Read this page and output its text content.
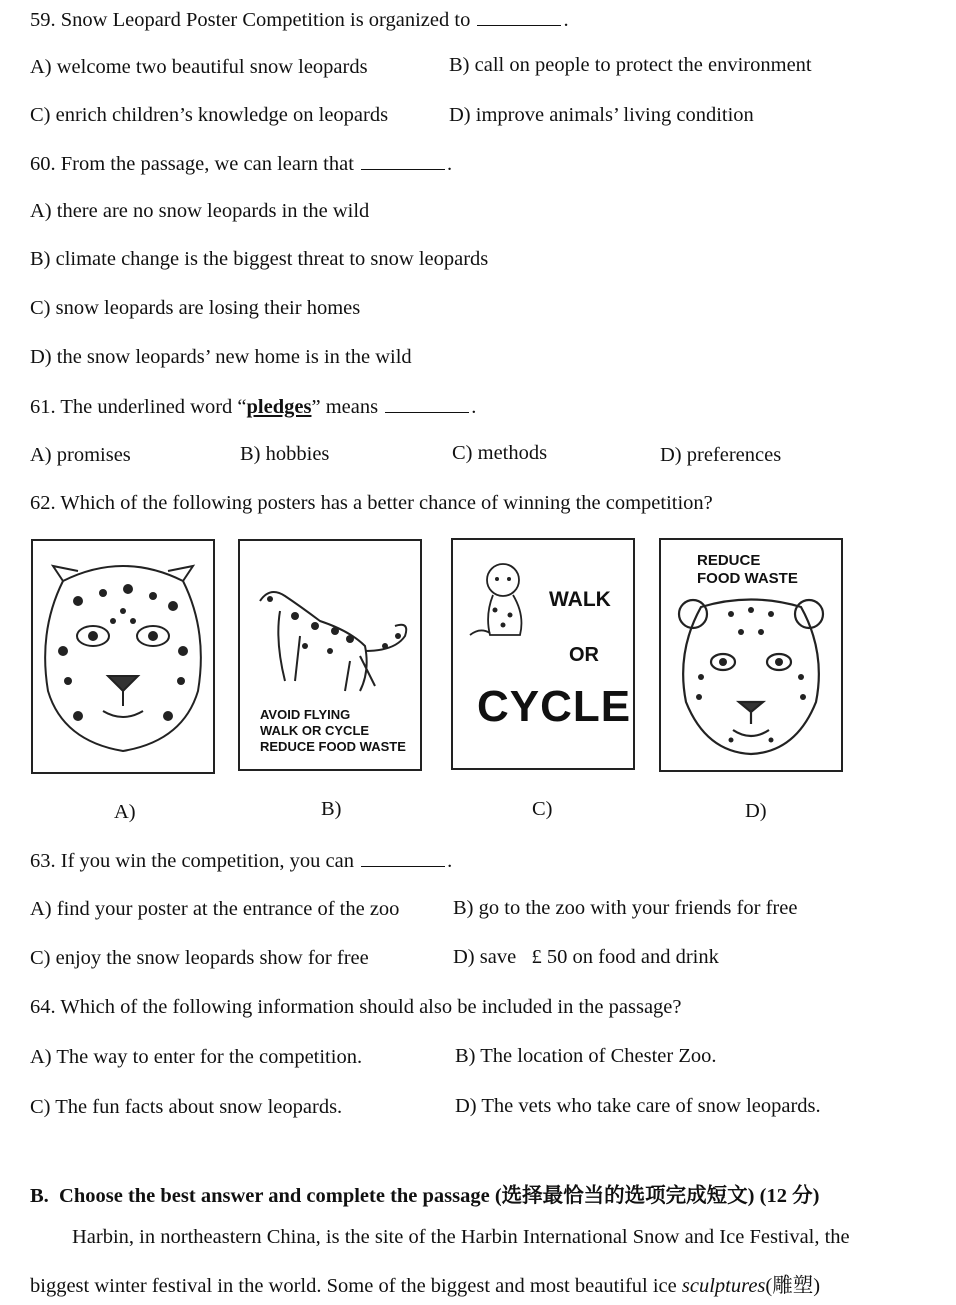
59. Snow Leopard Poster Competition is organized to	.
A) welcome two beautiful snow leopards	B) call on people to protect the environment
C) enrich children’s knowledge on leopards	D) improve animals’ living condition
60. From the passage, we can learn that	.
A) there are no snow leopards in the wild
B) climate change is the biggest threat to snow leopards
C) snow leopards are losing their homes
D) the snow leopards’ new home is in the wild
61. The underlined word “pledges” means	.
A) promises	B) hobbies	C) methods	D) preferences
62. Which of the following posters has a better chance of winning the competition?
A)
AVOID FLYING
WALK OR CYCLE
REDUCE FOOD WASTE
B)
WALK
OR
CYCLE
C)
REDUCE
FOOD WASTE
D)
63. If you win the competition, you can	.
A) find your poster at the entrance of the zoo	B) go to the zoo with your friends for free
C) enjoy the snow leopards show for free	D) save   £ 50 on food and drink
64. Which of the following information should also be included in the passage?
A) The way to enter for the competition.	B) The location of Chester Zoo.
C) The fun facts about snow leopards.	D) The vets who take care of snow leopards.
B.  Choose the best answer and complete the passage (选择最恰当的选项完成短文) (12 分)
Harbin, in northeastern China, is the site of the Harbin International Snow and Ice Festival, the
biggest winter festival in the world. Some of the biggest and most beautiful ice sculptures(雕塑)
